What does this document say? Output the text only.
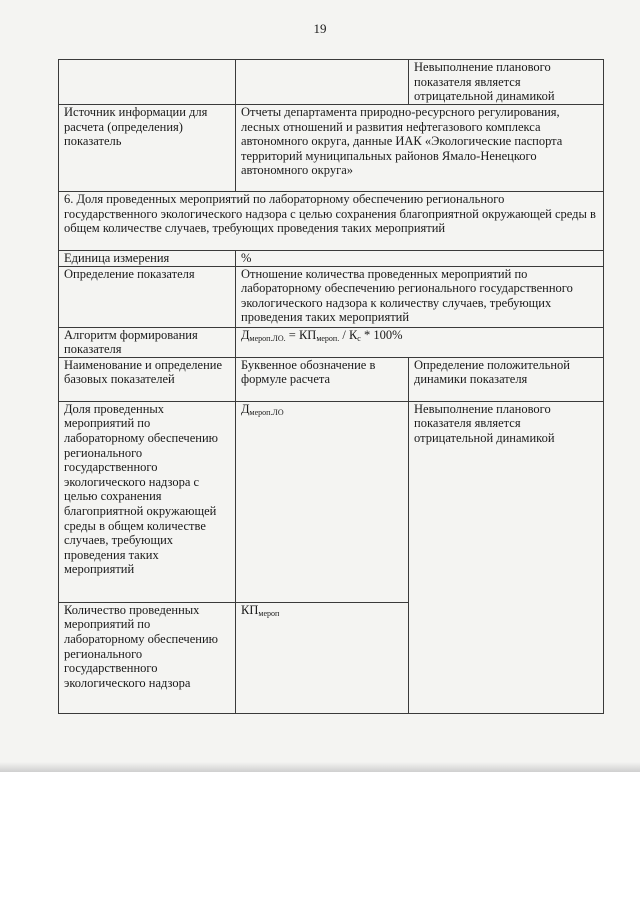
19
		Невыполнение планового показателя является отрицательной динамикой
Источник информации для расчета (определения) показатель	Отчеты департамента природно-ресурсного регулирования, лесных отношений и развития нефтегазового комплекса автономного округа, данные ИАК «Экологические паспорта территорий муниципальных районов Ямало-Ненецкого автономного округа»	
6. Доля проведенных мероприятий по лабораторному обеспечению регионального государственного экологического надзора с целью сохранения благоприятной окружающей среды в общем количестве случаев, требующих проведения таких мероприятий		
Единица измерения	%	
Определение показателя	Отношение количества проведенных мероприятий по лабораторному обеспечению регионального государственного экологического надзора к количеству случаев, требующих проведения таких мероприятий	
Алгоритм формирования показателя	$Д_{мероп.ЛО.} = КП_{мероп.} / К_с * 100\%$	
Наименование и определение базовых показателей	Буквенное обозначение в формуле расчета	Определение положительной динамики показателя
Доля проведенных мероприятий по лабораторному обеспечению регионального государственного экологического надзора с целью сохранения благоприятной окружающей среды в общем количестве случаев, требующих проведения таких мероприятий	$Д_{мероп.ЛО}$	Невыполнение планового показателя является отрицательной динамикой
Количество проведенных мероприятий по лабораторному обеспечению регионального государственного экологического надзора	$КП_{мероп}$
